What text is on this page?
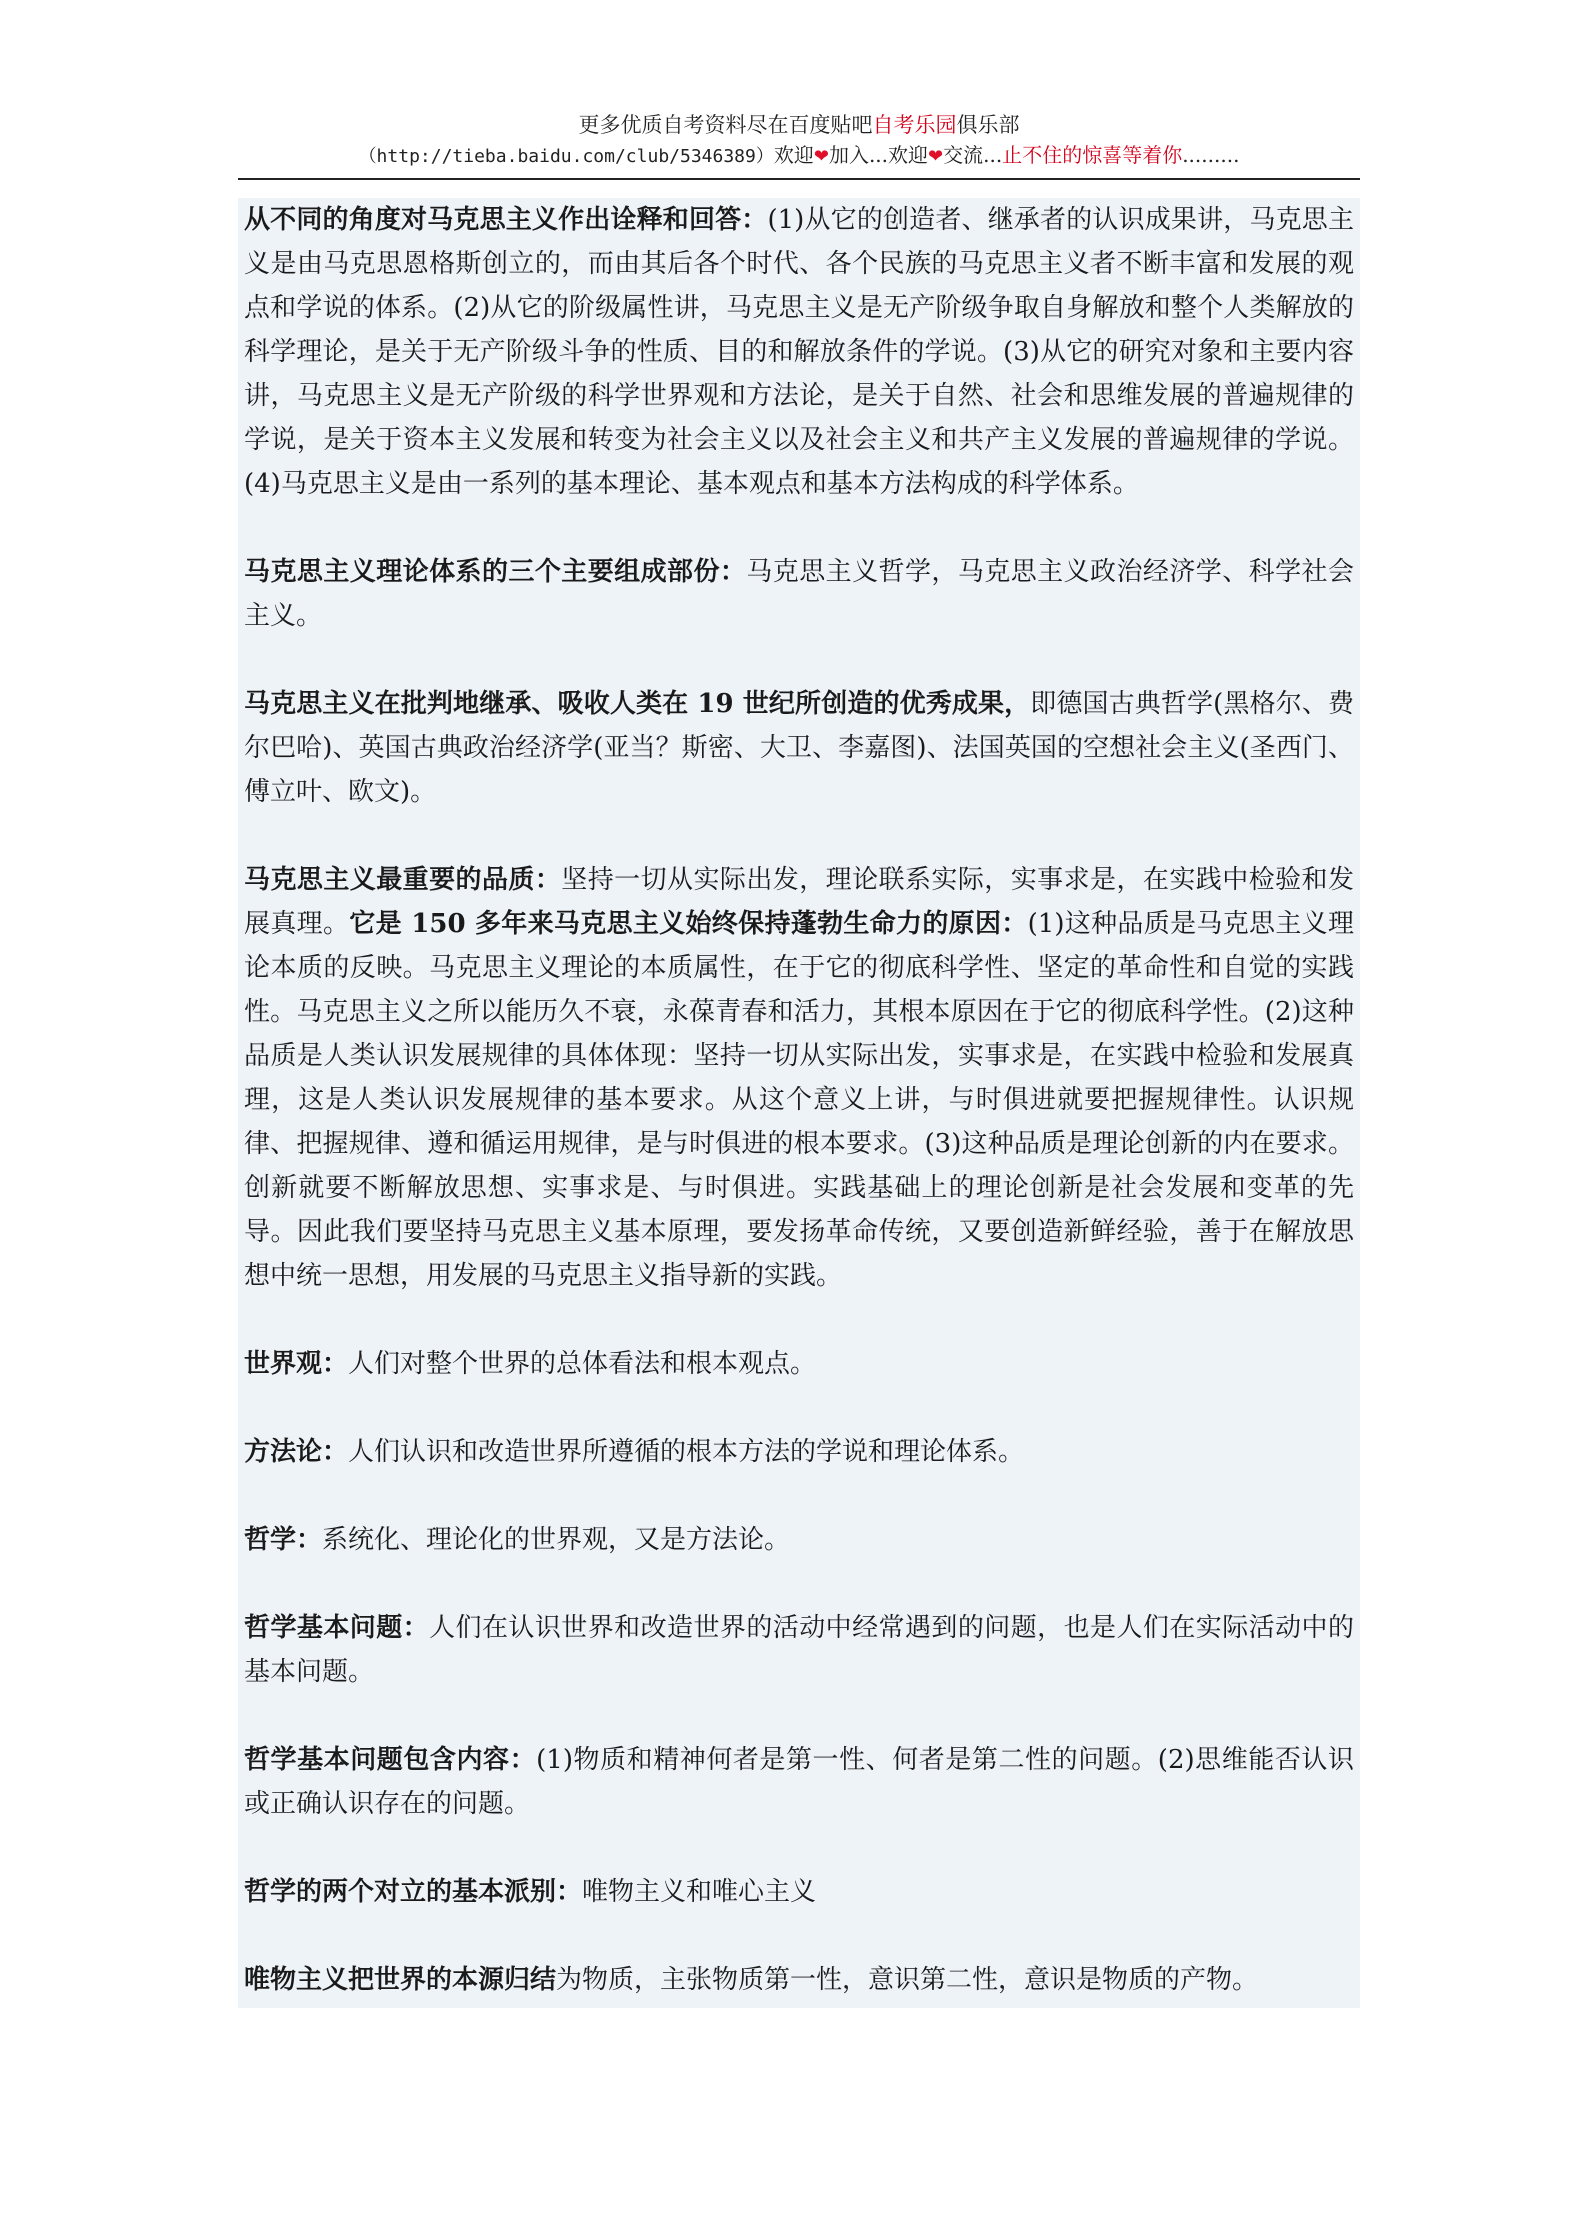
更多优质自考资料尽在百度贴吧自考乐园俱乐部
（http://tieba.baidu.com/club/5346389）欢迎❤加入...欢迎❤交流...止不住的惊喜等着你.........

从不同的角度对马克思主义作出诠释和回答：(1)从它的创造者、继承者的认识成果讲，马克思主义是由马克思恩格斯创立的，而由其后各个时代、各个民族的马克思主义者不断丰富和发展的观点和学说的体系。(2)从它的阶级属性讲，马克思主义是无产阶级争取自身解放和整个人类解放的科学理论，是关于无产阶级斗争的性质、目的和解放条件的学说。(3)从它的研究对象和主要内容讲，马克思主义是无产阶级的科学世界观和方法论，是关于自然、社会和思维发展的普遍规律的学说，是关于资本主义发展和转变为社会主义以及社会主义和共产主义发展的普遍规律的学说。(4)马克思主义是由一系列的基本理论、基本观点和基本方法构成的科学体系。

马克思主义理论体系的三个主要组成部份：马克思主义哲学，马克思主义政治经济学、科学社会主义。

马克思主义在批判地继承、吸收人类在 19 世纪所创造的优秀成果，即德国古典哲学(黑格尔、费尔巴哈)、英国古典政治经济学(亚当？斯密、大卫、李嘉图)、法国英国的空想社会主义(圣西门、傅立叶、欧文)。

马克思主义最重要的品质：坚持一切从实际出发，理论联系实际，实事求是，在实践中检验和发展真理。它是 150 多年来马克思主义始终保持蓬勃生命力的原因：(1)这种品质是马克思主义理论本质的反映。马克思主义理论的本质属性，在于它的彻底科学性、坚定的革命性和自觉的实践性。马克思主义之所以能历久不衰，永葆青春和活力，其根本原因在于它的彻底科学性。(2)这种品质是人类认识发展规律的具体体现：坚持一切从实际出发，实事求是，在实践中检验和发展真理，这是人类认识发展规律的基本要求。从这个意义上讲，与时俱进就要把握规律性。认识规律、把握规律、遵和循运用规律，是与时俱进的根本要求。(3)这种品质是理论创新的内在要求。创新就要不断解放思想、实事求是、与时俱进。实践基础上的理论创新是社会发展和变革的先导。因此我们要坚持马克思主义基本原理，要发扬革命传统，又要创造新鲜经验，善于在解放思想中统一思想，用发展的马克思主义指导新的实践。

世界观：人们对整个世界的总体看法和根本观点。

方法论：人们认识和改造世界所遵循的根本方法的学说和理论体系。

哲学：系统化、理论化的世界观，又是方法论。

哲学基本问题：人们在认识世界和改造世界的活动中经常遇到的问题，也是人们在实际活动中的基本问题。

哲学基本问题包含内容：(1)物质和精神何者是第一性、何者是第二性的问题。(2)思维能否认识或正确认识存在的问题。

哲学的两个对立的基本派别：唯物主义和唯心主义

唯物主义把世界的本源归结为物质，主张物质第一性，意识第二性，意识是物质的产物。
